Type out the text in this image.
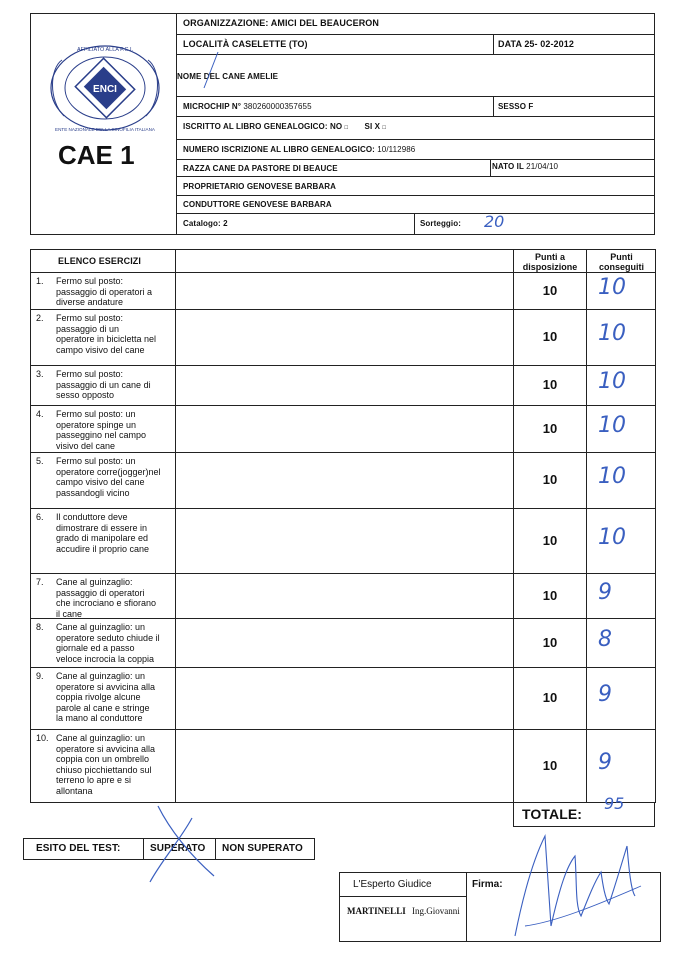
ENCI
AFFILIATO ALLA F.C.I.
ENTE NAZIONALE DELLA CINOFILIA ITALIANA
CAE 1
ORGANIZZAZIONE: AMICI DEL BEAUCERON
LOCALITÀ CASELETTE (TO)	DATA 25- 02-2012
NOME DEL CANE AMELIE
MICROCHIP N° 380260000357655	SESSO F
ISCRITTO AL LIBRO GENEALOGICO: NO □ SI X □
NUMERO ISCRIZIONE AL LIBRO GENEALOGICO: 10/112986
RAZZA CANE DA PASTORE DI BEAUCE	NATO IL 21/04/10
PROPRIETARIO GENOVESE BARBARA
CONDUTTORE GENOVESE BARBARA
Catalogo: 2	Sorteggio: 20
ELENCO ESERCIZI	Punti a
disposizione
Punti
conseguiti
1. Fermo sul posto:
passaggio di operatori a
diverse andature
10	10
2. Fermo sul posto:
passaggio di un
operatore in bicicletta nel
campo visivo del cane
10	10
3. Fermo sul posto:
passaggio di un cane di
sesso opposto
10	10
4. Fermo sul posto: un
operatore spinge un
passeggino nel campo
visivo del cane
10	10
5. Fermo sul posto: un
operatore corre(jogger)nel
campo visivo del cane
passandogli vicino
10	10
6. Il conduttore deve
dimostrare di essere in
grado di manipolare ed
accudire il proprio cane
10	10
7. Cane al guinzaglio:
passaggio di operatori
che incrociano e sfiorano
il cane
10	9
8. Cane al guinzaglio: un
operatore seduto chiude il
giornale ed a passo
veloce incrocia la coppia
10	8
9. Cane al guinzaglio: un
operatore si avvicina alla
coppia rivolge alcune
parole al cane e stringe
la mano al conduttore
10	9
10. Cane al guinzaglio: un
operatore si avvicina alla
coppia con un ombrello
chiuso picchiettando sul
terreno lo apre e si
allontana
10	9
TOTALE:
95
ESITO DEL TEST:	SUPERATO NON SUPERATO
L'Esperto Giudice	Firma:
MARTINELLI Ing.Giovanni
